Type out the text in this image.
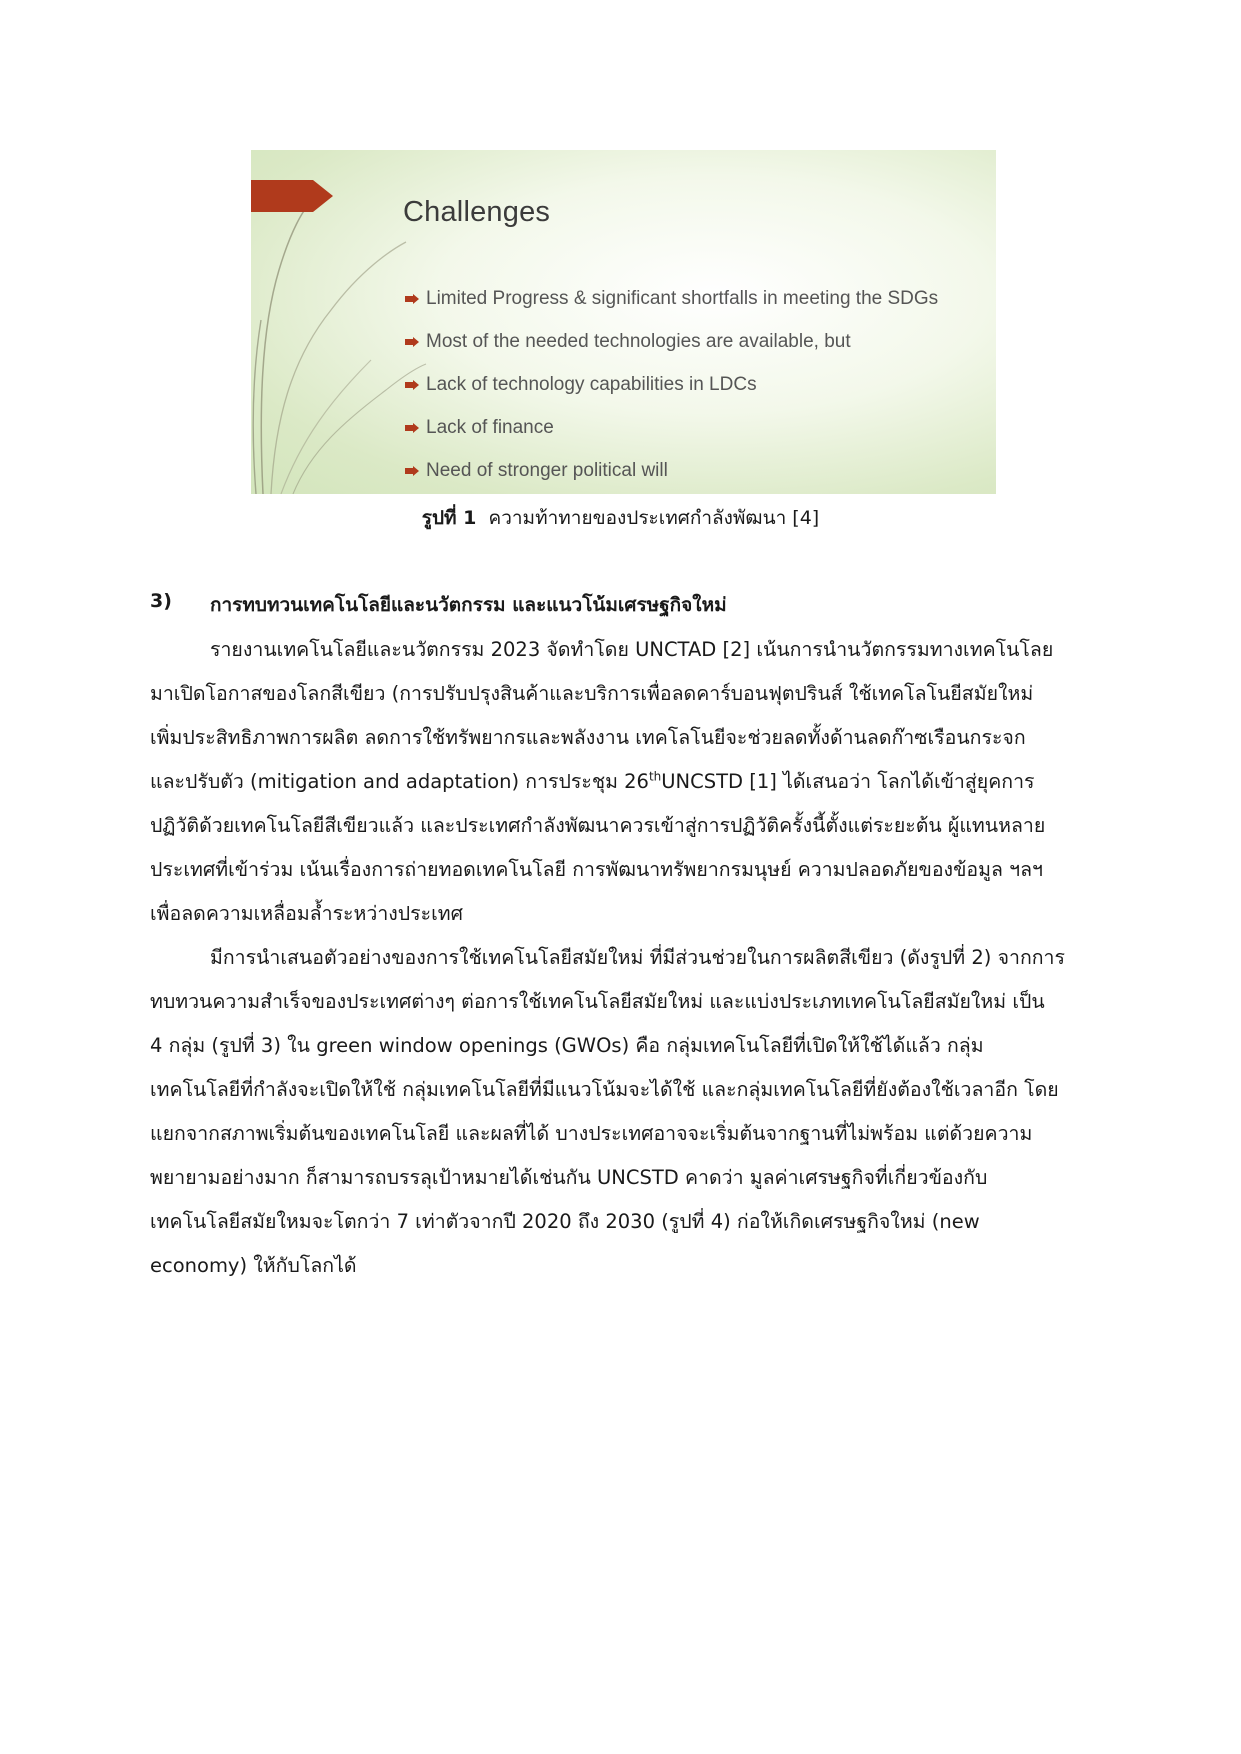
Challenges
Limited Progress & significant shortfalls in meeting the SDGs
Most of the needed technologies are available, but
Lack of technology capabilities in LDCs
Lack of finance
Need of stronger political will
รูปที่ 1 ความท้าทายของประเทศกำลังพัฒนา [4]
3)	การทบทวนเทคโนโลยีและนวัตกรรม และแนวโน้มเศรษฐกิจใหม่
รายงานเทคโนโลยีและนวัตกรรม 2023 จัดทำโดย UNCTAD [2] เน้นการนำนวัตกรรมทางเทคโนโลย
มาเปิดโอกาสของโลกสีเขียว (การปรับปรุงสินค้าและบริการเพื่อลดคาร์บอนฟุตปรินส์ ใช้เทคโลโนยีสมัยใหม่
เพิ่มประสิทธิภาพการผลิต ลดการใช้ทรัพยากรและพลังงาน เทคโลโนยีจะช่วยลดทั้งด้านลดก๊าซเรือนกระจก
และปรับตัว (mitigation and adaptation) การประชุม 26thUNCSTD [1] ได้เสนอว่า โลกได้เข้าสู่ยุคการ
ปฏิวัติด้วยเทคโนโลยีสีเขียวแล้ว และประเทศกำลังพัฒนาควรเข้าสู่การปฏิวัติครั้งนี้ตั้งแต่ระยะต้น ผู้แทนหลาย
ประเทศที่เข้าร่วม เน้นเรื่องการถ่ายทอดเทคโนโลยี การพัฒนาทรัพยากรมนุษย์ ความปลอดภัยของข้อมูล ฯลฯ
เพื่อลดความเหลื่อมล้ำระหว่างประเทศ
มีการนำเสนอตัวอย่างของการใช้เทคโนโลยีสมัยใหม่ ที่มีส่วนช่วยในการผลิตสีเขียว (ดังรูปที่ 2) จากการ
ทบทวนความสำเร็จของประเทศต่างๆ ต่อการใช้เทคโนโลยีสมัยใหม่ และแบ่งประเภทเทคโนโลยีสมัยใหม่ เป็น
4 กลุ่ม (รูปที่ 3) ใน green window openings (GWOs) คือ กลุ่มเทคโนโลยีที่เปิดให้ใช้ได้แล้ว กลุ่ม
เทคโนโลยีที่กำลังจะเปิดให้ใช้ กลุ่มเทคโนโลยีที่มีแนวโน้มจะได้ใช้ และกลุ่มเทคโนโลยีที่ยังต้องใช้เวลาอีก โดย
แยกจากสภาพเริ่มต้นของเทคโนโลยี และผลที่ได้ บางประเทศอาจจะเริ่มต้นจากฐานที่ไม่พร้อม แต่ด้วยความ
พยายามอย่างมาก ก็สามารถบรรลุเป้าหมายได้เช่นกัน UNCSTD คาดว่า มูลค่าเศรษฐกิจที่เกี่ยวข้องกับ
เทคโนโลยีสมัยใหมจะโตกว่า 7 เท่าตัวจากปี 2020 ถึง 2030 (รูปที่ 4) ก่อให้เกิดเศรษฐกิจใหม่ (new
economy) ให้กับโลกได้
